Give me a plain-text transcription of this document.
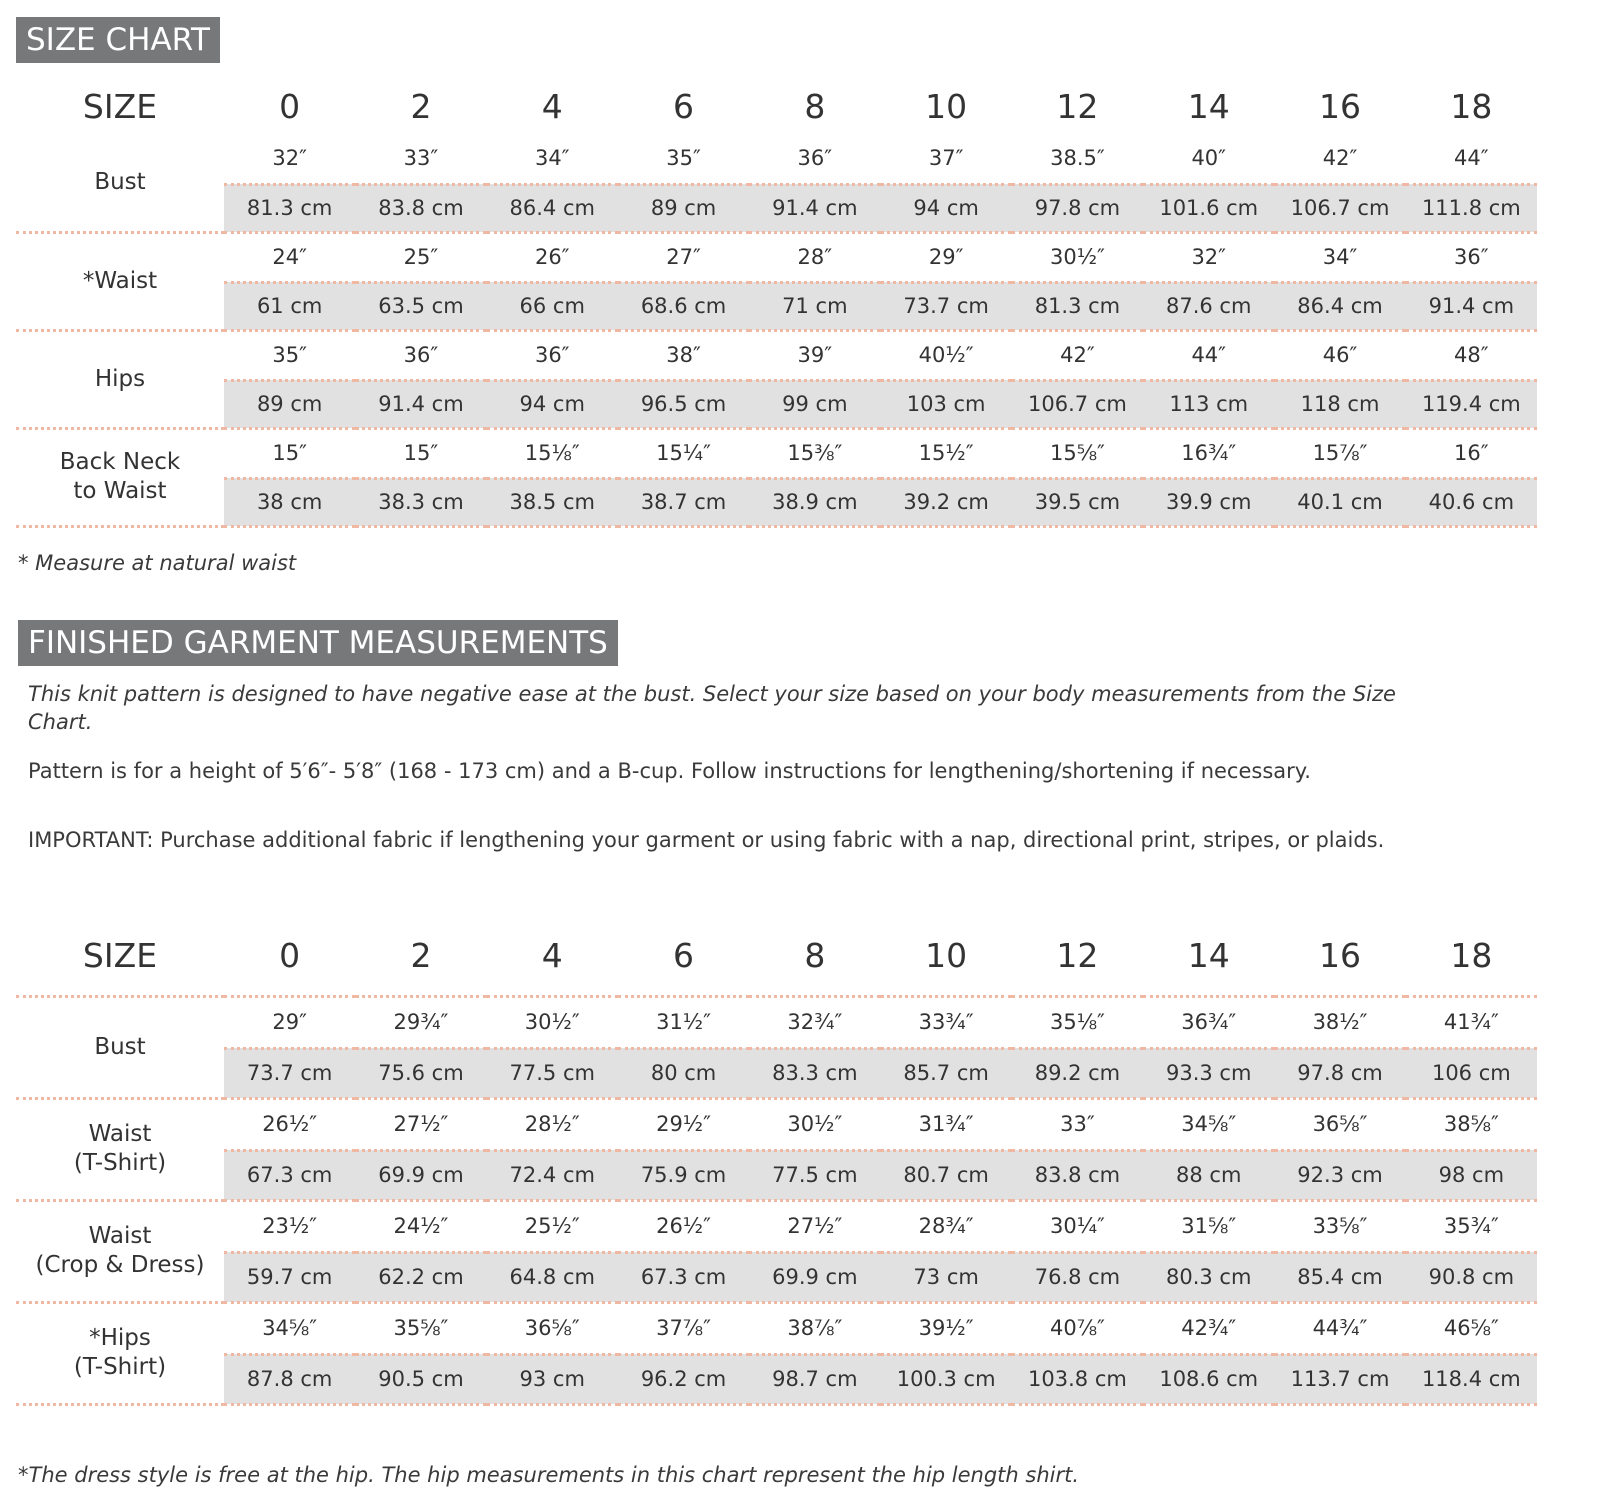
SIZE CHART
SIZE	0	2	4	6	8	10	12	14	16	18

Bust	32″	33″	34″	35″	36″	37″	38.5″	40″	42″	44″
	81.3 cm	83.8 cm	86.4 cm	89 cm	91.4 cm	94 cm	97.8 cm	101.6 cm	106.7 cm	111.8 cm

*Waist	24″	25″	26″	27″	28″	29″	30½″	32″	34″	36″
	61 cm	63.5 cm	66 cm	68.6 cm	71 cm	73.7 cm	81.3 cm	87.6 cm	86.4 cm	91.4 cm

Hips	35″	36″	36″	38″	39″	40½″	42″	44″	46″	48″
	89 cm	91.4 cm	94 cm	96.5 cm	99 cm	103 cm	106.7 cm	113 cm	118 cm	119.4 cm

Back Neck
to Waist	15″	15″	15⅛″	15¼″	15⅜″	15½″	15⅝″	16¾″	15⅞″	16″
	38 cm	38.3 cm	38.5 cm	38.7 cm	38.9 cm	39.2 cm	39.5 cm	39.9 cm	40.1 cm	40.6 cm
* Measure at natural waist
FINISHED GARMENT MEASUREMENTS
This knit pattern is designed to have negative ease at the bust. Select your size based on your body measurements from the Size Chart.
Pattern is for a height of 5′6″- 5′8″ (168 - 173 cm) and a B-cup. Follow instructions for lengthening/shortening if necessary.
IMPORTANT: Purchase additional fabric if lengthening your garment or using fabric with a nap, directional print, stripes, or plaids.
SIZE	0	2	4	6	8	10	12	14	16	18

Bust	29″	29¾″	30½″	31½″	32¾″	33¾″	35⅛″	36¾″	38½″	41¾″
	73.7 cm	75.6 cm	77.5 cm	80 cm	83.3 cm	85.7 cm	89.2 cm	93.3 cm	97.8 cm	106 cm

Waist
(T-Shirt)	26½″	27½″	28½″	29½″	30½″	31¾″	33″	34⅝″	36⅝″	38⅝″
	67.3 cm	69.9 cm	72.4 cm	75.9 cm	77.5 cm	80.7 cm	83.8 cm	88 cm	92.3 cm	98 cm

Waist
(Crop & Dress)	23½″	24½″	25½″	26½″	27½″	28¾″	30¼″	31⅝″	33⅝″	35¾″
	59.7 cm	62.2 cm	64.8 cm	67.3 cm	69.9 cm	73 cm	76.8 cm	80.3 cm	85.4 cm	90.8 cm

*Hips
(T-Shirt)	34⅝″	35⅝″	36⅝″	37⅞″	38⅞″	39½″	40⅞″	42¾″	44¾″	46⅝″
	87.8 cm	90.5 cm	93 cm	96.2 cm	98.7 cm	100.3 cm	103.8 cm	108.6 cm	113.7 cm	118.4 cm
*The dress style is free at the hip. The hip measurements in this chart represent the hip length shirt.
